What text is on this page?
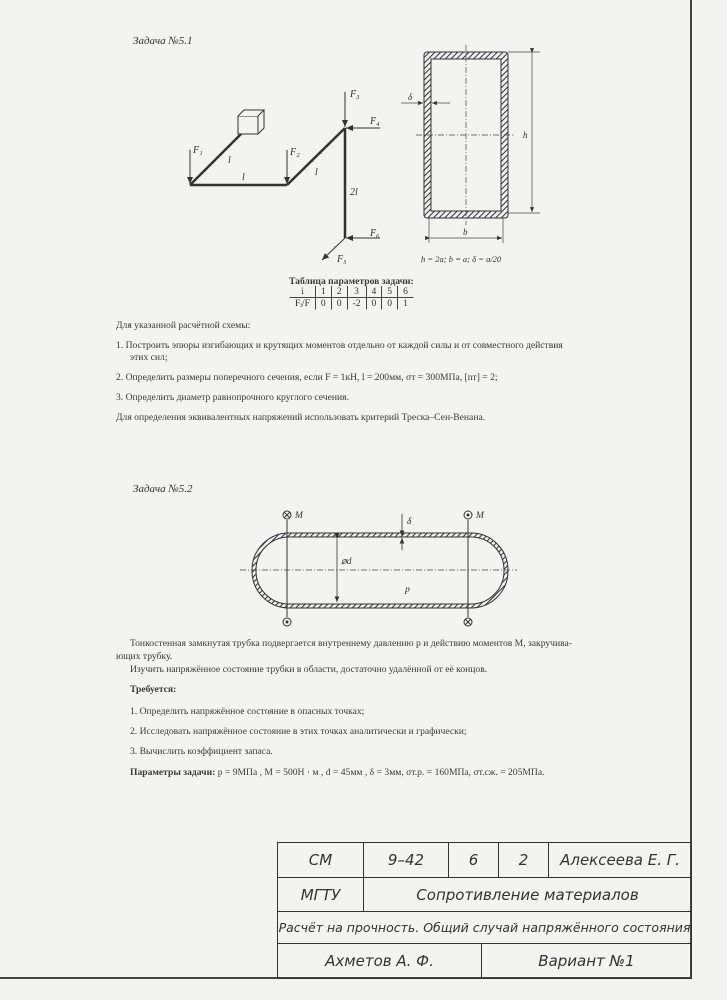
Задача №5.1
F₁	F₂
F₃
F₄
F₅
F₆
l
l	l
2l
δ
h
b
h = 2a; b = a; δ = a/20
Таблица параметров задачи:
i	1	2	3	4	5	6
Fᵢ/F	0	0	-2	0	0	1
Для указанной расчётной схемы:
1. Построить эпюры изгибающих и крутящих моментов отдельно от каждой силы и от совместного действия
этих сил;
2. Определить размеры поперечного сечения, если F = 1кН, l = 200мм, σт = 300МПа, [nт] = 2;
3. Определить диаметр равнопрочного круглого сечения.
Для определения эквивалентных напряжений использовать критерий Треска–Сен-Венана.
Задача №5.2
M	M
δ
⌀d
p
Тонкостенная замкнутая трубка подвергается внутреннему давлению p и действию моментов M, закручива-
ющих трубку.
Изучить напряжённое состояние трубки в области, достаточно удалённой от её концов.
Требуется:
1. Определить напряжённое состояние в опасных точках;
2. Исследовать напряжённое состояние в этих точках аналитически и графически;
3. Вычислить коэффициент запаса.
Параметры задачи: p = 9МПа , M = 500Н · м , d = 45мм , δ = 3мм, σт.р. = 160МПа, σт.сж. = 205МПа.
СМ	9–42	6	2	Алексеева Е. Г.
МГТУ	Сопротивление материалов
Расчёт на прочность. Общий случай напряжённого состояния
Ахметов А. Ф.	Вариант №1
